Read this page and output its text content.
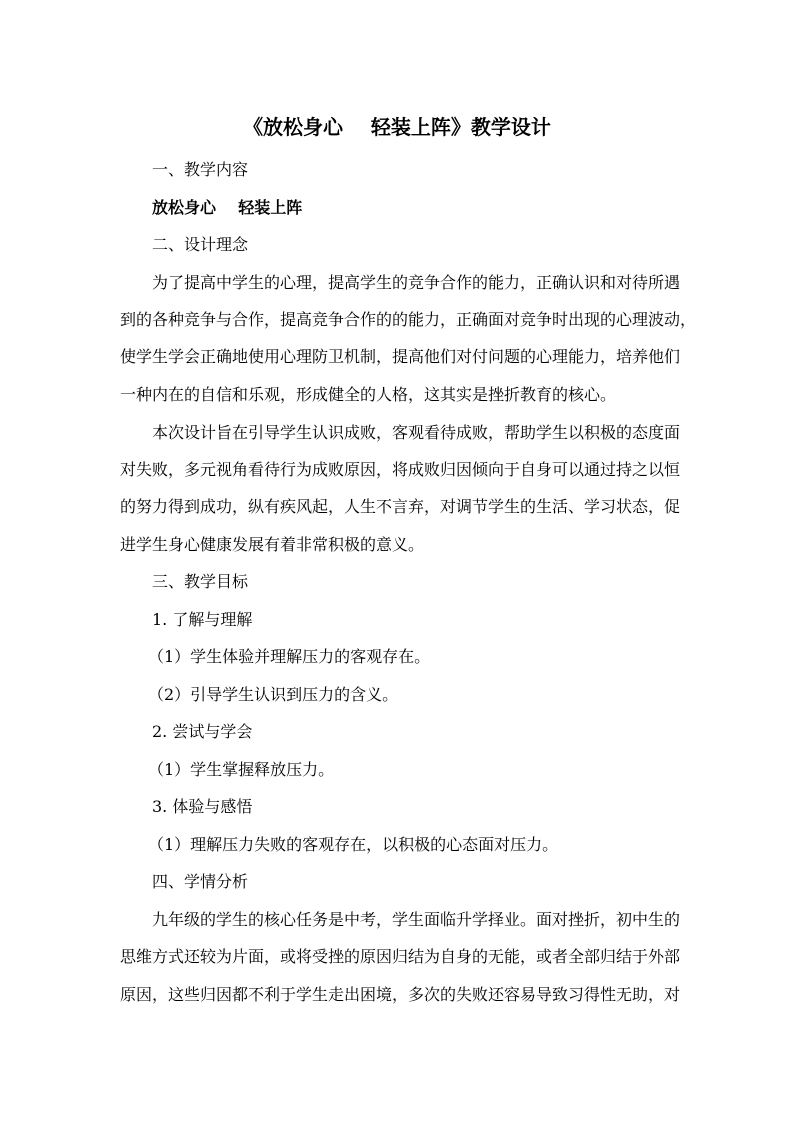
《放松身心    轻装上阵》教学设计
一、教学内容
放松身心    轻装上阵
二、设计理念
为了提高中学生的心理，提高学生的竞争合作的能力，正确认识和对待所遇
到的各种竞争与合作，提高竞争合作的的能力，正确面对竞争时出现的心理波动，
使学生学会正确地使用心理防卫机制，提高他们对付问题的心理能力，培养他们
一种内在的自信和乐观，形成健全的人格，这其实是挫折教育的核心。
本次设计旨在引导学生认识成败，客观看待成败，帮助学生以积极的态度面
对失败，多元视角看待行为成败原因，将成败归因倾向于自身可以通过持之以恒
的努力得到成功，纵有疾风起，人生不言弃，对调节学生的生活、学习状态，促
进学生身心健康发展有着非常积极的意义。
三、教学目标
1. 了解与理解
（1）学生体验并理解压力的客观存在。
（2）引导学生认识到压力的含义。
2. 尝试与学会
（1）学生掌握释放压力。
3. 体验与感悟
（1）理解压力失败的客观存在，以积极的心态面对压力。
四、学情分析
九年级的学生的核心任务是中考，学生面临升学择业。面对挫折，初中生的
思维方式还较为片面，或将受挫的原因归结为自身的无能，或者全部归结于外部
原因，这些归因都不利于学生走出困境，多次的失败还容易导致习得性无助，对
